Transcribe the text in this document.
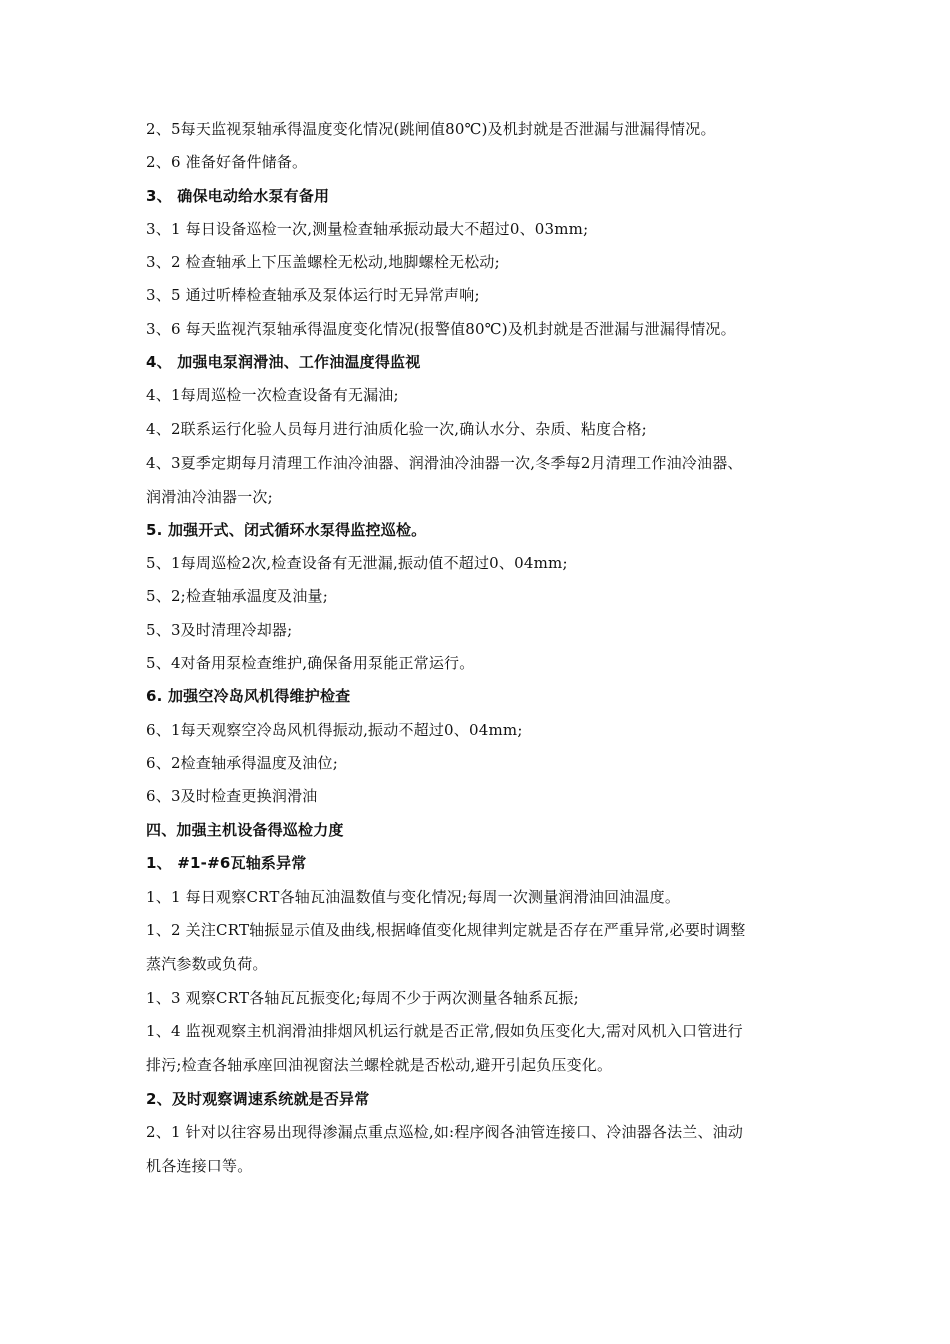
2、5每天监视泵轴承得温度变化情况(跳闸值80℃)及机封就是否泄漏与泄漏得情况。
2、6 准备好备件储备。
3、 确保电动给水泵有备用
3、1 每日设备巡检一次,测量检查轴承振动最大不超过0、03mm;
3、2 检查轴承上下压盖螺栓无松动,地脚螺栓无松动;
3、5 通过听棒检查轴承及泵体运行时无异常声响;
3、6 每天监视汽泵轴承得温度变化情况(报警值80℃)及机封就是否泄漏与泄漏得情况。
4、 加强电泵润滑油、工作油温度得监视
4、1每周巡检一次检查设备有无漏油;
4、2联系运行化验人员每月进行油质化验一次,确认水分、杂质、粘度合格;
4、3夏季定期每月清理工作油冷油器、润滑油冷油器一次,冬季每2月清理工作油冷油器、
润滑油冷油器一次;
5. 加强开式、闭式循环水泵得监控巡检。
5、1每周巡检2次,检查设备有无泄漏,振动值不超过0、04mm;
5、2;检查轴承温度及油量;
5、3及时清理冷却器;
5、4对备用泵检查维护,确保备用泵能正常运行。
6. 加强空冷岛风机得维护检查
6、1每天观察空冷岛风机得振动,振动不超过0、04mm;
6、2检查轴承得温度及油位;
6、3及时检查更换润滑油
四、加强主机设备得巡检力度
1、 #1-#6瓦轴系异常
1、1 每日观察CRT各轴瓦油温数值与变化情况;每周一次测量润滑油回油温度。
1、2 关注CRT轴振显示值及曲线,根据峰值变化规律判定就是否存在严重异常,必要时调整
蒸汽参数或负荷。
1、3 观察CRT各轴瓦瓦振变化;每周不少于两次测量各轴系瓦振;
1、4 监视观察主机润滑油排烟风机运行就是否正常,假如负压变化大,需对风机入口管进行
排污;检查各轴承座回油视窗法兰螺栓就是否松动,避开引起负压变化。
2、及时观察调速系统就是否异常
2、1 针对以往容易出现得渗漏点重点巡检,如:程序阀各油管连接口、冷油器各法兰、油动
机各连接口等。
